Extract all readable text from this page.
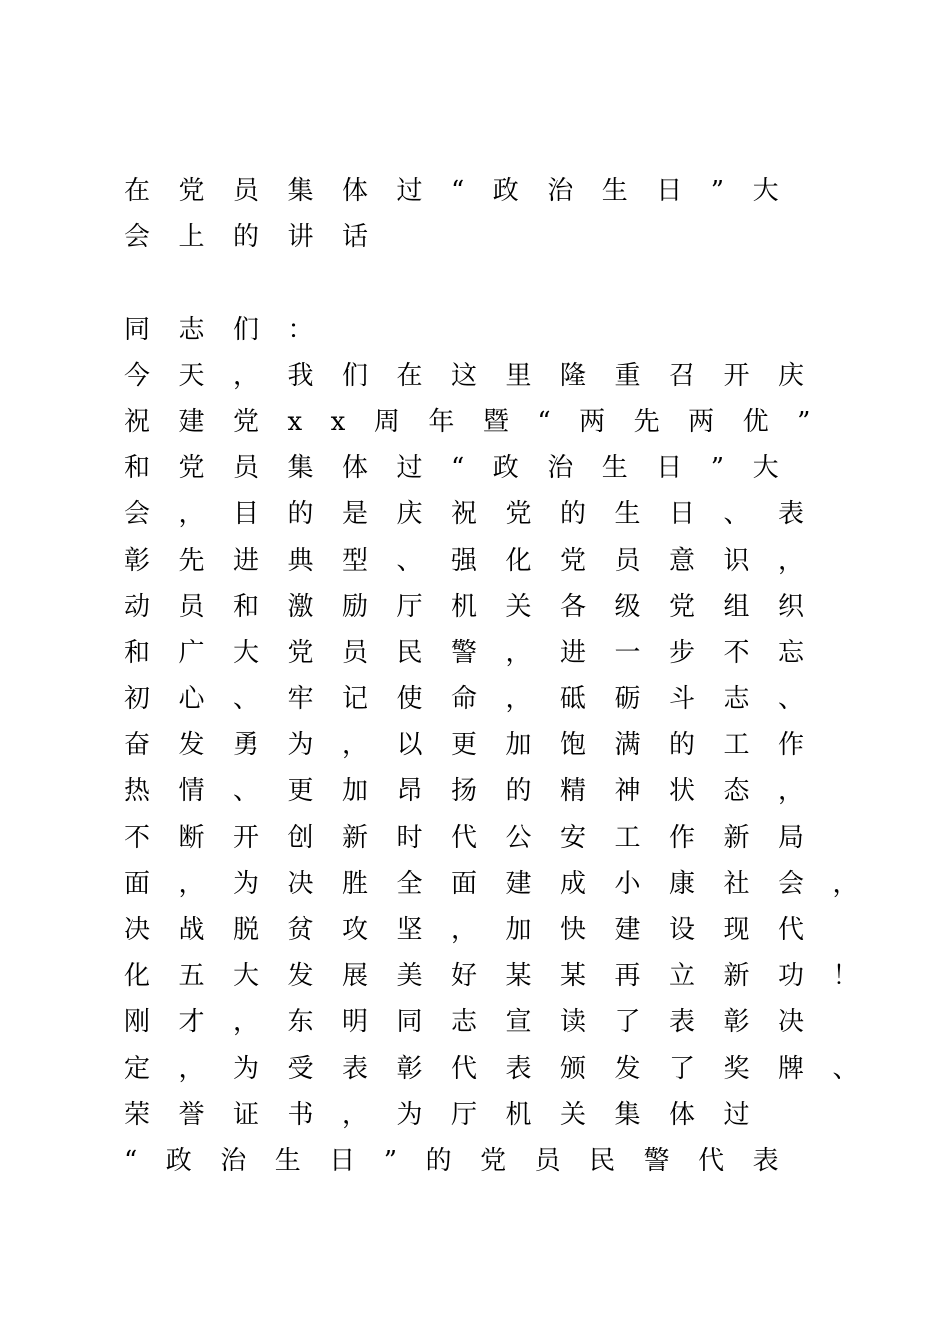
在党员集体过“政治生日”大
会上的讲话
同志们：
今天，我们在这里隆重召开庆
祝建党xx周年暨“两先两优”
和党员集体过“政治生日”大
会，目的是庆祝党的生日、表
彰先进典型、强化党员意识，
动员和激励厅机关各级党组织
和广大党员民警，进一步不忘
初心、牢记使命，砥砺斗志、
奋发勇为，以更加饱满的工作
热情、更加昂扬的精神状态，
不断开创新时代公安工作新局
面，为决胜全面建成小康社会，
决战脱贫攻坚，加快建设现代
化五大发展美好某某再立新功！
刚才，东明同志宣读了表彰决
定，为受表彰代表颁发了奖牌、
荣誉证书，为厅机关集体过
“政治生日”的党员民警代表
